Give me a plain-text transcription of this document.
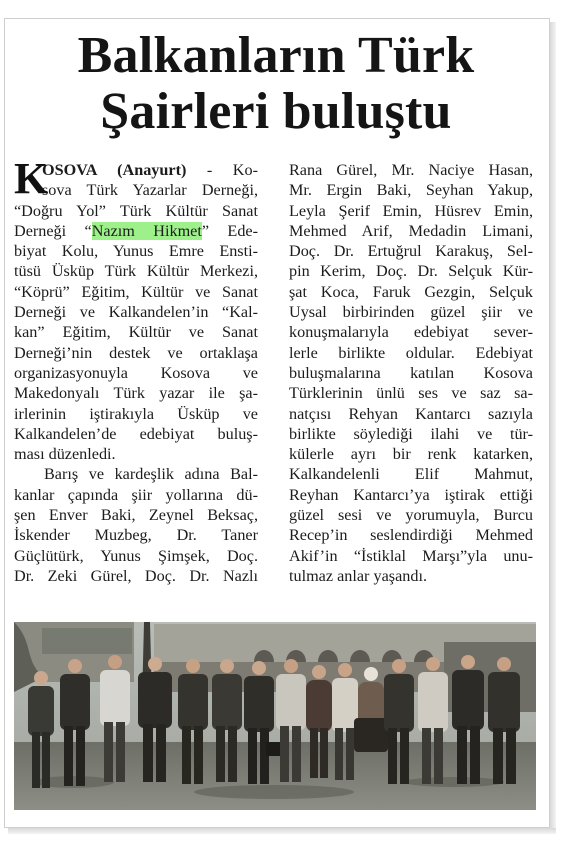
Balkanların Türk
Şairleri buluştu
K
OSOVA (Anayurt) - Ko-
sova Türk Yazarlar Derneği,
“Doğru Yol” Türk Kültür Sanat
Derneği “Nazım Hikmet” Ede-
biyat Kolu, Yunus Emre Ensti-
tüsü Üsküp Türk Kültür Merkezi,
“Köprü” Eğitim, Kültür ve Sanat
Derneği ve Kalkandelen’in “Kal-
kan” Eğitim, Kültür ve Sanat
Derneği’nin destek ve ortaklaşa
organizasyonuyla Kosova ve
Makedonyalı Türk yazar ile şa-
irlerinin iştirakıyla Üsküp ve
Kalkandelen’de edebiyat buluş-
ması düzenledi.
Barış ve kardeşlik adına Bal-
kanlar çapında şiir yollarına dü-
şen Enver Baki, Zeynel Beksaç,
İskender Muzbeg, Dr. Taner
Güçlütürk, Yunus Şimşek, Doç.
Dr. Zeki Gürel, Doç. Dr. Nazlı
Rana Gürel, Mr. Naciye Hasan,
Mr. Ergin Baki, Seyhan Yakup,
Leyla Şerif Emin, Hüsrev Emin,
Mehmed Arif, Medadin Limani,
Doç. Dr. Ertuğrul Karakuş, Sel-
pin Kerim, Doç. Dr. Selçuk Kür-
şat Koca, Faruk Gezgin, Selçuk
Uysal birbirinden güzel şiir ve
konuşmalarıyla edebiyat sever-
lerle birlikte oldular. Edebiyat
buluşmalarına katılan Kosova
Türklerinin ünlü ses ve saz sa-
natçısı Rehyan Kantarcı sazıyla
birlikte söylediği ilahi ve tür-
külerle ayrı bir renk katarken,
Kalkandelenli Elif Mahmut,
Reyhan Kantarcı’ya iştirak ettiği
güzel sesi ve yorumuyla, Burcu
Recep’in seslendirdiği Mehmed
Akif’in “İstiklal Marşı”yla unu-
tulmaz anlar yaşandı.
